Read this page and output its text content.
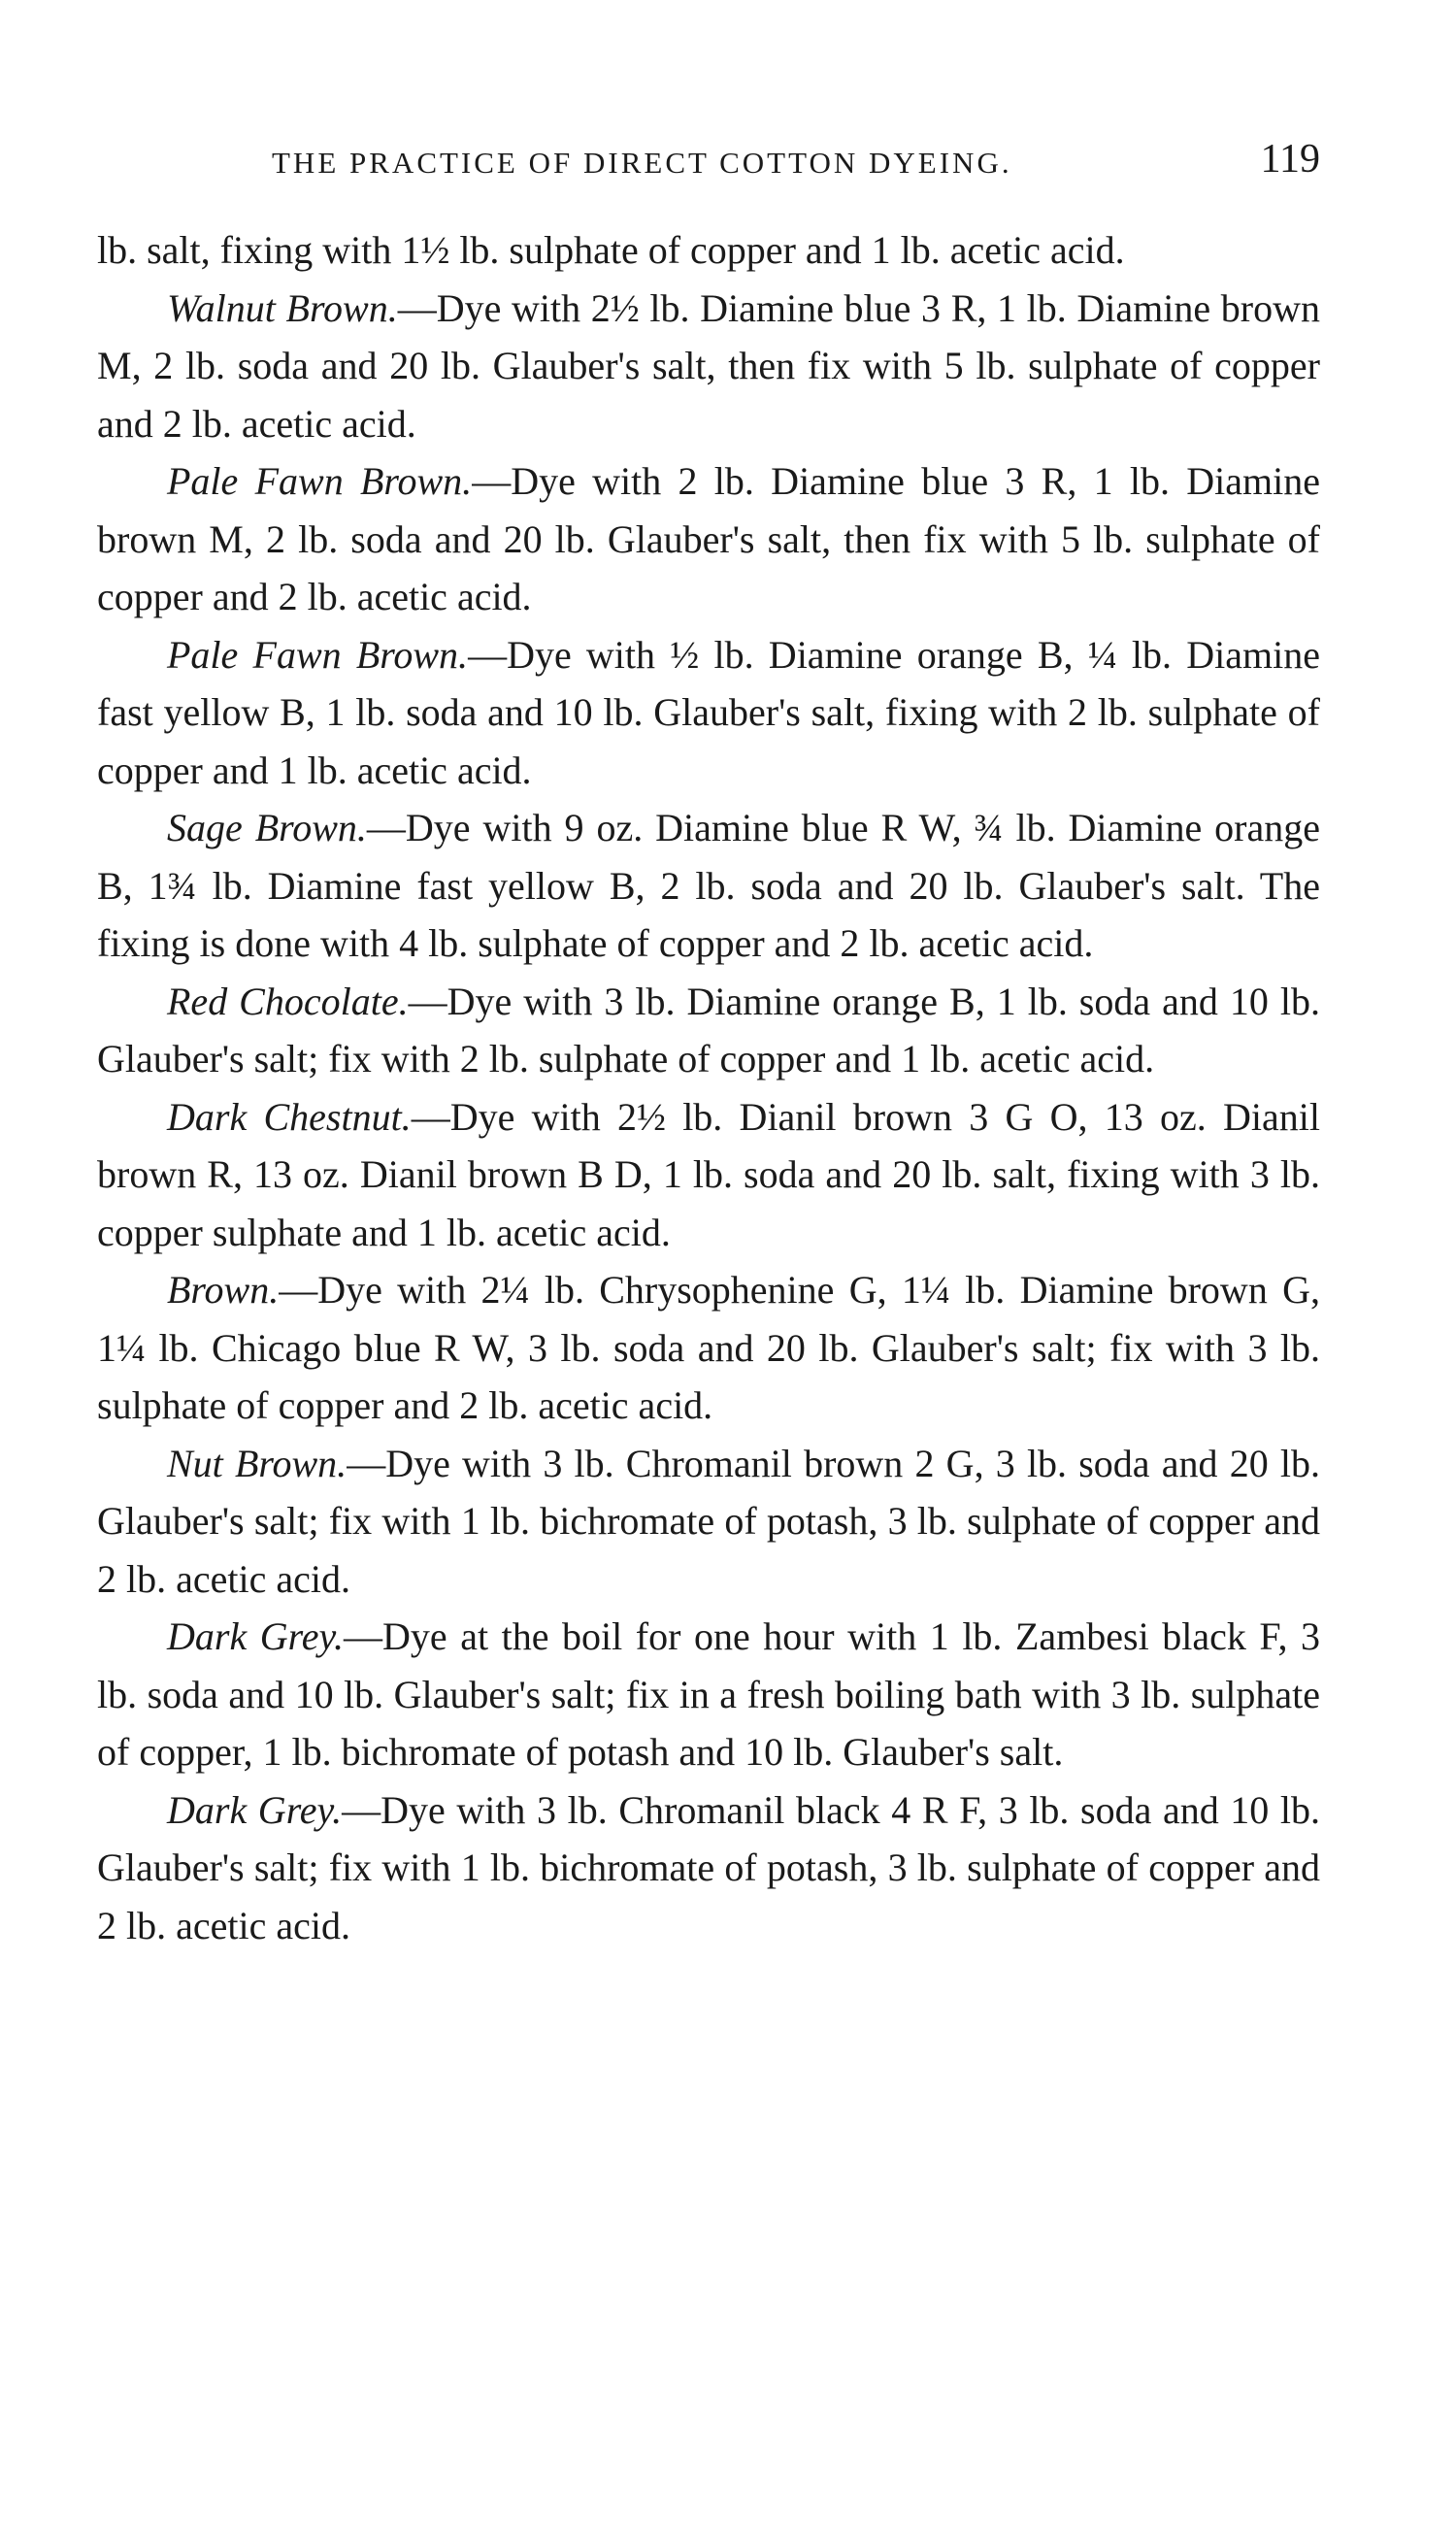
THE PRACTICE OF DIRECT COTTON DYEING.	119

lb. salt, fixing with 1½ lb. sulphate of copper and 1 lb. acetic acid.

Walnut Brown.—Dye with 2½ lb. Diamine blue 3 R, 1 lb. Diamine brown M, 2 lb. soda and 20 lb. Glauber's salt, then fix with 5 lb. sulphate of copper and 2 lb. acetic acid.

Pale Fawn Brown.—Dye with 2 lb. Diamine blue 3 R, 1 lb. Diamine brown M, 2 lb. soda and 20 lb. Glauber's salt, then fix with 5 lb. sulphate of copper and 2 lb. acetic acid.

Pale Fawn Brown.—Dye with ½ lb. Diamine orange B, ¼ lb. Diamine fast yellow B, 1 lb. soda and 10 lb. Glauber's salt, fixing with 2 lb. sulphate of copper and 1 lb. acetic acid.

Sage Brown.—Dye with 9 oz. Diamine blue R W, ¾ lb. Diamine orange B, 1¾ lb. Diamine fast yellow B, 2 lb. soda and 20 lb. Glauber's salt. The fixing is done with 4 lb. sulphate of copper and 2 lb. acetic acid.

Red Chocolate.—Dye with 3 lb. Diamine orange B, 1 lb. soda and 10 lb. Glauber's salt; fix with 2 lb. sulphate of copper and 1 lb. acetic acid.

Dark Chestnut.—Dye with 2½ lb. Dianil brown 3 G O, 13 oz. Dianil brown R, 13 oz. Dianil brown B D, 1 lb. soda and 20 lb. salt, fixing with 3 lb. copper sulphate and 1 lb. acetic acid.

Brown.—Dye with 2¼ lb. Chrysophenine G, 1¼ lb. Diamine brown G, 1¼ lb. Chicago blue R W, 3 lb. soda and 20 lb. Glauber's salt; fix with 3 lb. sulphate of copper and 2 lb. acetic acid.

Nut Brown.—Dye with 3 lb. Chromanil brown 2 G, 3 lb. soda and 20 lb. Glauber's salt; fix with 1 lb. bichromate of potash, 3 lb. sulphate of copper and 2 lb. acetic acid.

Dark Grey.—Dye at the boil for one hour with 1 lb. Zambesi black F, 3 lb. soda and 10 lb. Glauber's salt; fix in a fresh boiling bath with 3 lb. sulphate of copper, 1 lb. bichromate of potash and 10 lb. Glauber's salt.

Dark Grey.—Dye with 3 lb. Chromanil black 4 R F, 3 lb. soda and 10 lb. Glauber's salt; fix with 1 lb. bichromate of potash, 3 lb. sulphate of copper and 2 lb. acetic acid.
